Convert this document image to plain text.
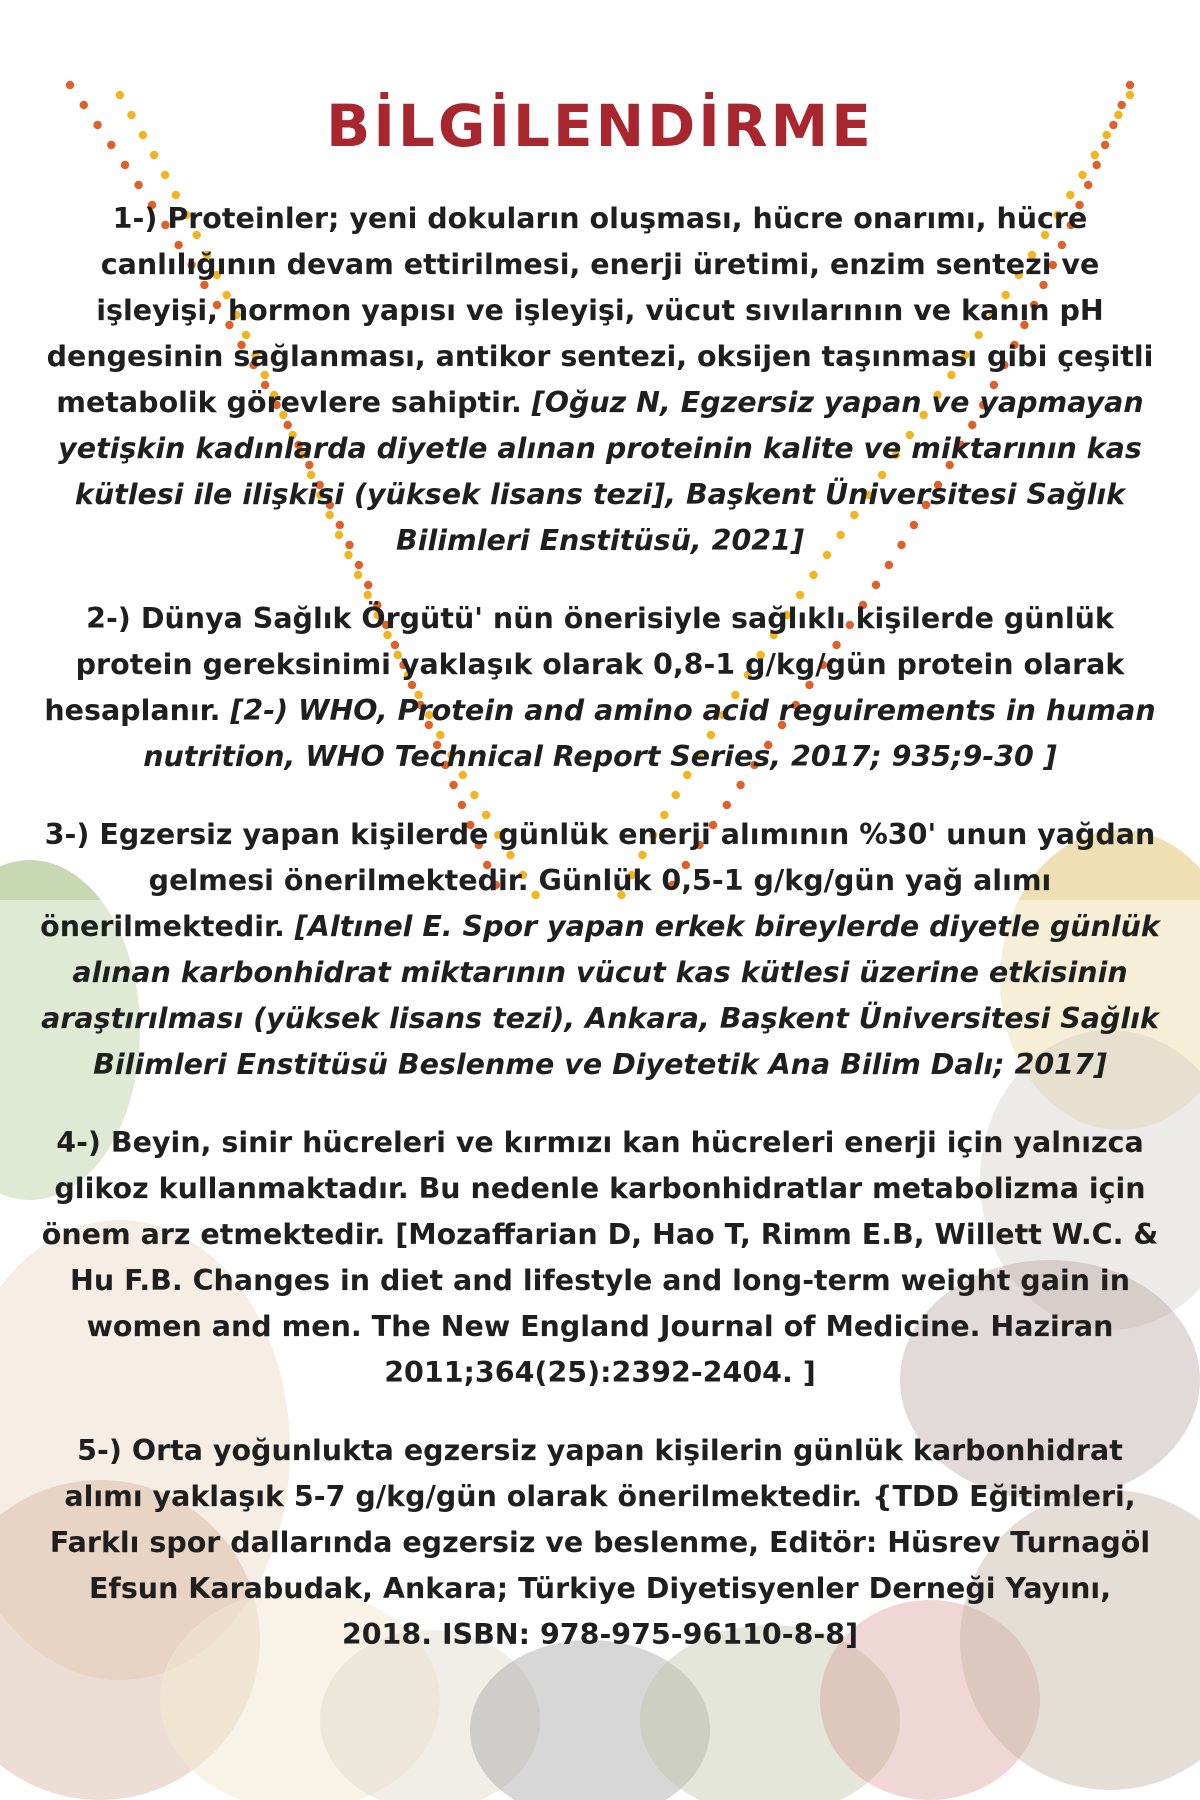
BİLGİLENDİRME

1-) Proteinler; yeni dokuların oluşması, hücre onarımı, hücre canlılığının devam ettirilmesi, enerji üretimi, enzim sentezi ve işleyişi, hormon yapısı ve işleyişi, vücut sıvılarının ve kanın pH dengesinin sağlanması, antikor sentezi, oksijen taşınması gibi çeşitli metabolik görevlere sahiptir. [Oğuz N, Egzersiz yapan ve yapmayan yetişkin kadınlarda diyetle alınan proteinin kalite ve miktarının kas kütlesi ile ilişkisi (yüksek lisans tezi], Başkent Üniversitesi Sağlık Bilimleri Enstitüsü, 2021]

2-) Dünya Sağlık Örgütü' nün önerisiyle sağlıklı kişilerde günlük protein gereksinimi yaklaşık olarak 0,8-1 g/kg/gün protein olarak hesaplanır. [2-) WHO, Protein and amino acid reguirements in human nutrition, WHO Technical Report Series, 2017; 935;9-30 ]

3-) Egzersiz yapan kişilerde günlük enerji alımının %30' unun yağdan gelmesi önerilmektedir. Günlük 0,5-1 g/kg/gün yağ alımı önerilmektedir. [Altınel E. Spor yapan erkek bireylerde diyetle günlük alınan karbonhidrat miktarının vücut kas kütlesi üzerine etkisinin araştırılması (yüksek lisans tezi), Ankara, Başkent Üniversitesi Sağlık Bilimleri Enstitüsü Beslenme ve Diyetetik Ana Bilim Dalı; 2017]

4-) Beyin, sinir hücreleri ve kırmızı kan hücreleri enerji için yalnızca glikoz kullanmaktadır. Bu nedenle karbonhidratlar metabolizma için önem arz etmektedir. [Mozaffarian D, Hao T, Rimm E.B, Willett W.C. & Hu F.B. Changes in diet and lifestyle and long-term weight gain in women and men. The New England Journal of Medicine. Haziran 2011;364(25):2392-2404. ]

5-) Orta yoğunlukta egzersiz yapan kişilerin günlük karbonhidrat alımı yaklaşık 5-7 g/kg/gün olarak önerilmektedir. {TDD Eğitimleri, Farklı spor dallarında egzersiz ve beslenme, Editör: Hüsrev Turnagöl Efsun Karabudak, Ankara; Türkiye Diyetisyenler Derneği Yayını, 2018. ISBN: 978-975-96110-8-8]
